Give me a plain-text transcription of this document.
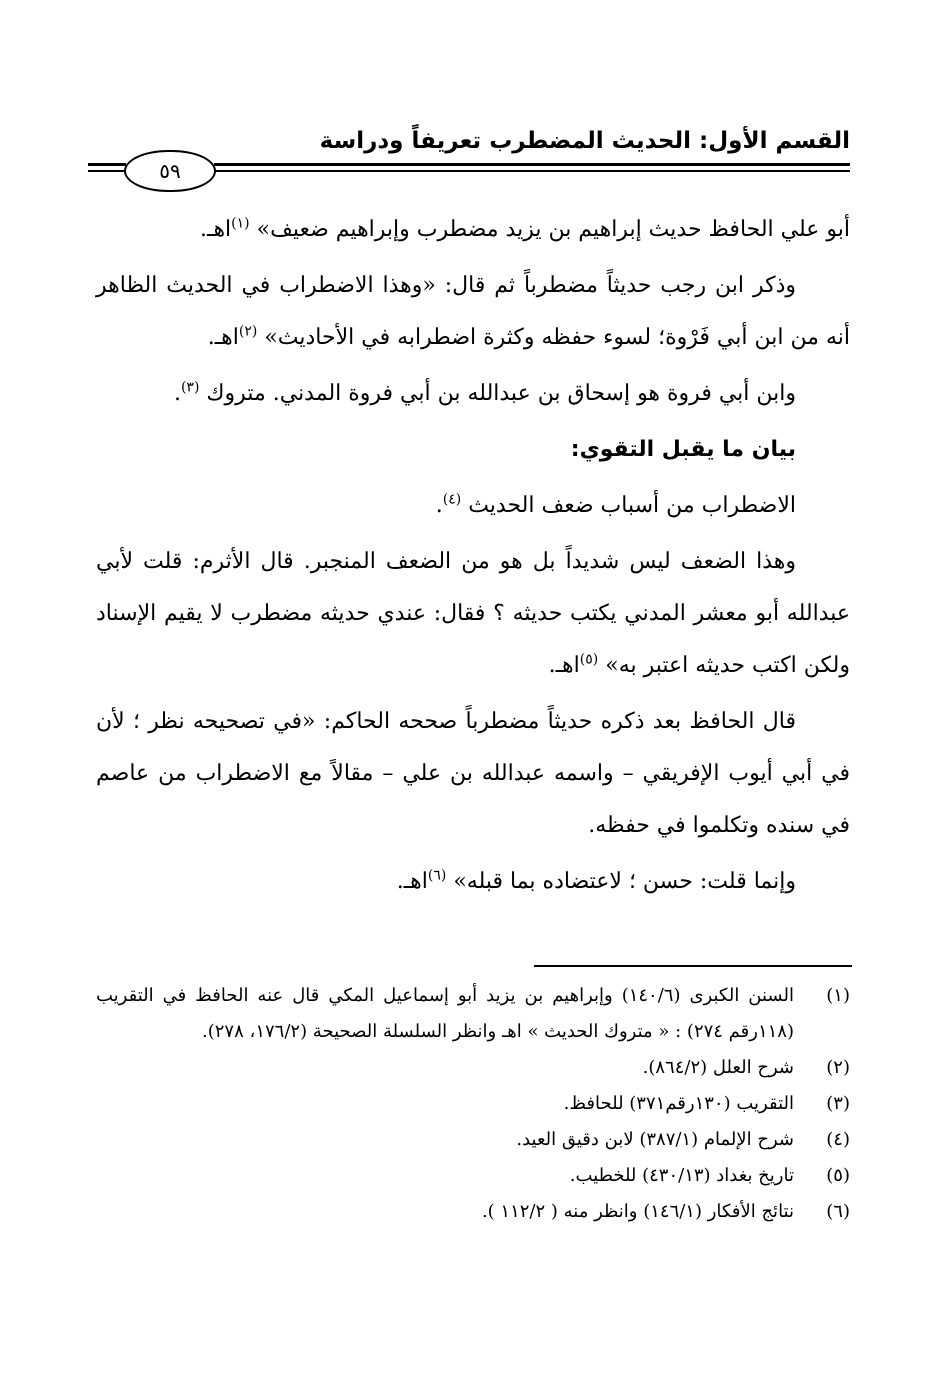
القسم الأول: الحديث المضطرب تعريفاً ودراسة
٥٩

أبو علي الحافظ حديث إبراهيم بن يزيد مضطرب وإبراهيم ضعيف» $^{(١)}$اهـ.

وذكر ابن رجب حديثاً مضطرباً ثم قال: «وهذا الاضطراب في الحديث الظاهر أنه من ابن أبي فَرْوة؛ لسوء حفظه وكثرة اضطرابه في الأحاديث» $^{(٢)}$اهـ.

وابن أبي فروة هو إسحاق بن عبدالله بن أبي فروة المدني. متروك $^{(٣)}$.

بيان ما يقبل التقوي:

الاضطراب من أسباب ضعف الحديث $^{(٤)}$.

وهذا الضعف ليس شديداً بل هو من الضعف المنجبر. قال الأثرم: قلت لأبي عبدالله أبو معشر المدني يكتب حديثه ؟ فقال: عندي حديثه مضطرب لا يقيم الإسناد ولكن اكتب حديثه اعتبر به» $^{(٥)}$اهـ.

قال الحافظ بعد ذكره حديثاً مضطرباً صححه الحاكم: «في تصحيحه نظر ؛ لأن في أبي أيوب الإفريقي – واسمه عبدالله بن علي – مقالاً مع الاضطراب من عاصم في سنده وتكلموا في حفظه.

وإنما قلت: حسن ؛ لاعتضاده بما قبله» $^{(٦)}$اهـ.

(١)
السنن الكبرى (١٤٠/٦) وإبراهيم بن يزيد أبو إسماعيل المكي قال عنه الحافظ في التقريب (١١٨رقم ٢٧٤) : « متروك الحديث » اهـ وانظر السلسلة الصحيحة (١٧٦/٢، ٢٧٨).
(٢)
شرح العلل (٨٦٤/٢).
(٣)
التقريب (١٣٠رقم٣٧١) للحافظ.
(٤)
شرح الإلمام (٣٨٧/١) لابن دقيق العيد.
(٥)
تاريخ بغداد (٤٣٠/١٣) للخطيب.
(٦)
نتائج الأفكار (١٤٦/١) وانظر منه ( ١١٢/٢ ).
